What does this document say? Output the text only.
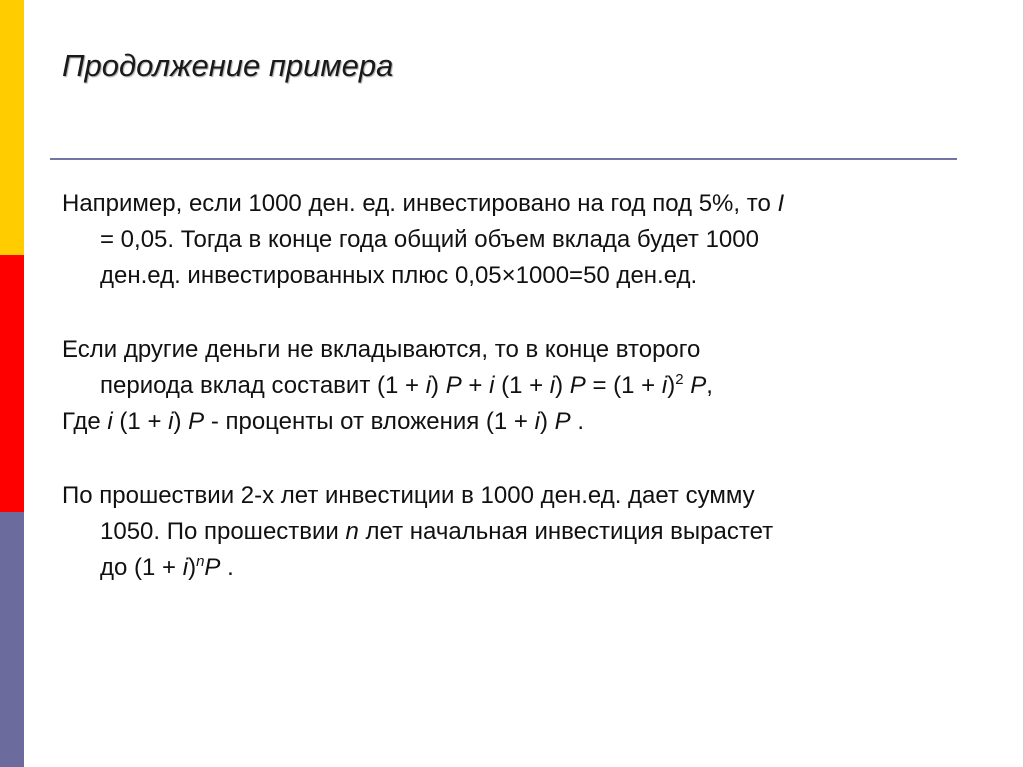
Продолжение примера
Например, если 1000 ден. ед. инвестировано на год под 5%, то I
= 0,05. Тогда в конце года общий объем вклада будет 1000
ден.ед. инвестированных плюс 0,05×1000=50 ден.ед.
Если другие деньги не вкладываются, то в конце второго
периода вклад составит (1 + i) P + i (1 + i) $P = (1 + i)^2$ P,
Где i (1 + i) P - проценты от вложения (1 + i) P .
По прошествии 2-х лет инвестиции в 1000 ден.ед. дает сумму
1050. По прошествии n лет начальная инвестиция вырастет
до $(1 + i)^nP$ .
